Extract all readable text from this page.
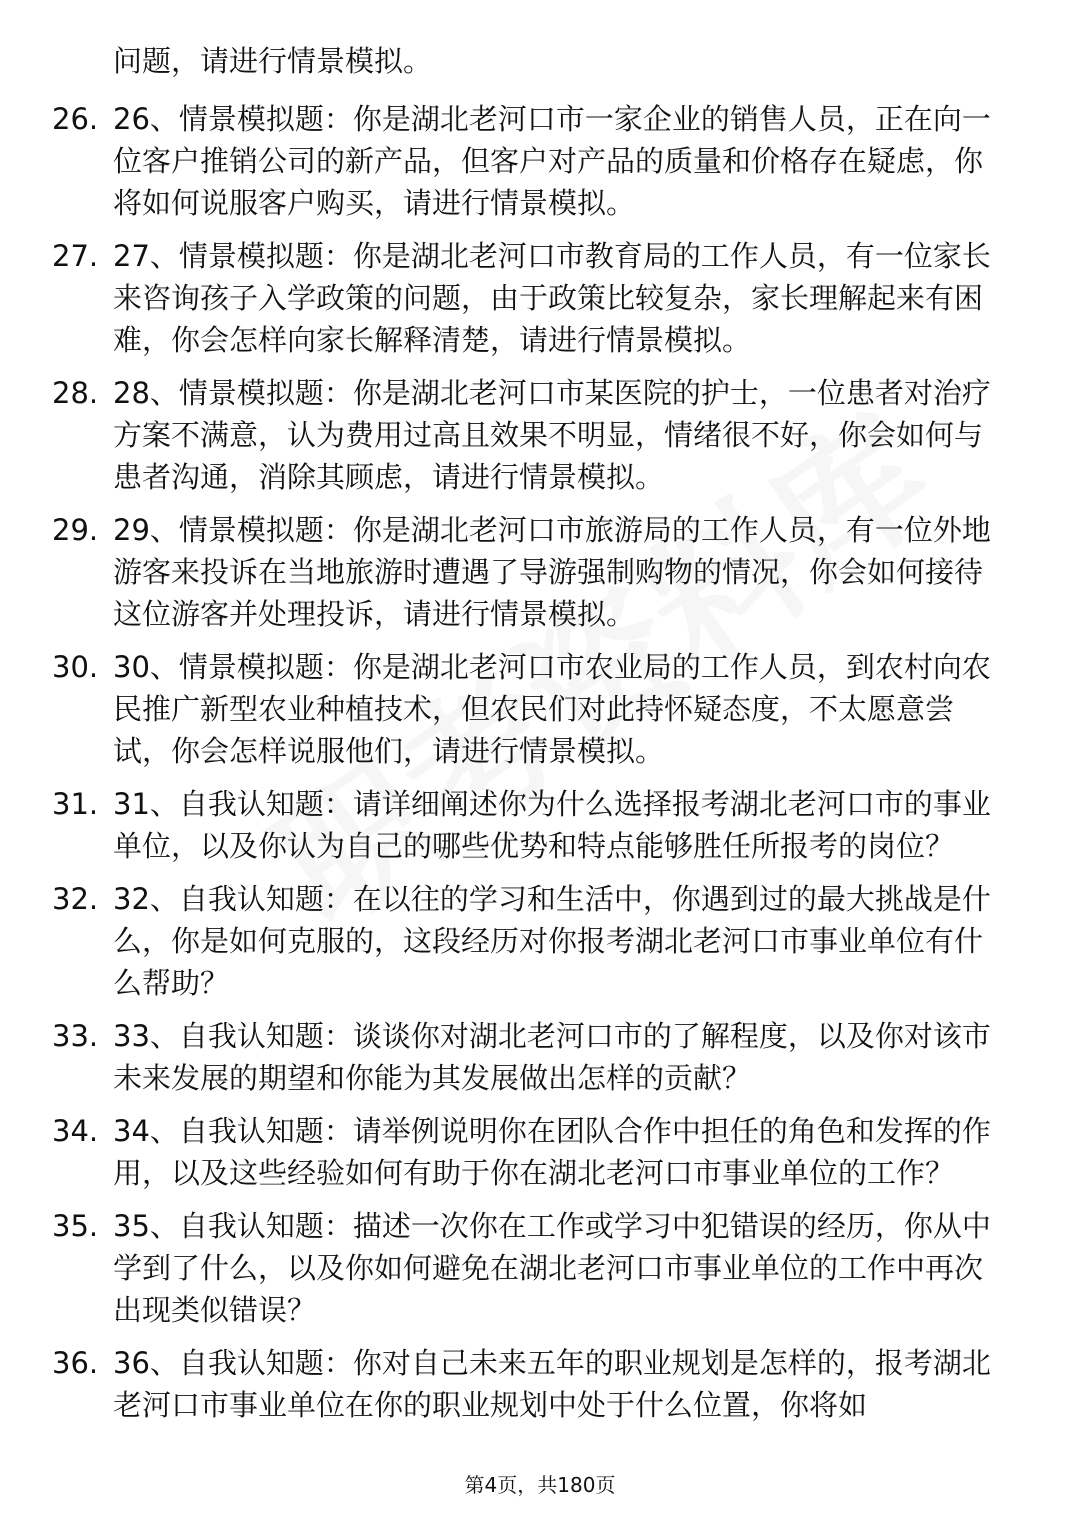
问题，请进行情景模拟。
26. 26、情景模拟题：你是湖北老河口市一家企业的销售人员，正在向一位客户推销公司的新产品，但客户对产品的质量和价格存在疑虑，你将如何说服客户购买，请进行情景模拟。
27. 27、情景模拟题：你是湖北老河口市教育局的工作人员，有一位家长来咨询孩子入学政策的问题，由于政策比较复杂，家长理解起来有困难，你会怎样向家长解释清楚，请进行情景模拟。
28. 28、情景模拟题：你是湖北老河口市某医院的护士，一位患者对治疗方案不满意，认为费用过高且效果不明显，情绪很不好，你会如何与患者沟通，消除其顾虑，请进行情景模拟。
29. 29、情景模拟题：你是湖北老河口市旅游局的工作人员，有一位外地游客来投诉在当地旅游时遭遇了导游强制购物的情况，你会如何接待这位游客并处理投诉，请进行情景模拟。
30. 30、情景模拟题：你是湖北老河口市农业局的工作人员，到农村向农民推广新型农业种植技术，但农民们对此持怀疑态度，不太愿意尝试，你会怎样说服他们，请进行情景模拟。
31. 31、自我认知题：请详细阐述你为什么选择报考湖北老河口市的事业单位，以及你认为自己的哪些优势和特点能够胜任所报考的岗位？
32. 32、自我认知题：在以往的学习和生活中，你遇到过的最大挑战是什么，你是如何克服的，这段经历对你报考湖北老河口市事业单位有什么帮助？
33. 33、自我认知题：谈谈你对湖北老河口市的了解程度，以及你对该市未来发展的期望和你能为其发展做出怎样的贡献？
34. 34、自我认知题：请举例说明你在团队合作中担任的角色和发挥的作用，以及这些经验如何有助于你在湖北老河口市事业单位的工作？
35. 35、自我认知题：描述一次你在工作或学习中犯错误的经历，你从中学到了什么，以及你如何避免在湖北老河口市事业单位的工作中再次出现类似错误？
36. 36、自我认知题：你对自己未来五年的职业规划是怎样的，报考湖北老河口市事业单位在你的职业规划中处于什么位置，你将如
第4页，共180页
